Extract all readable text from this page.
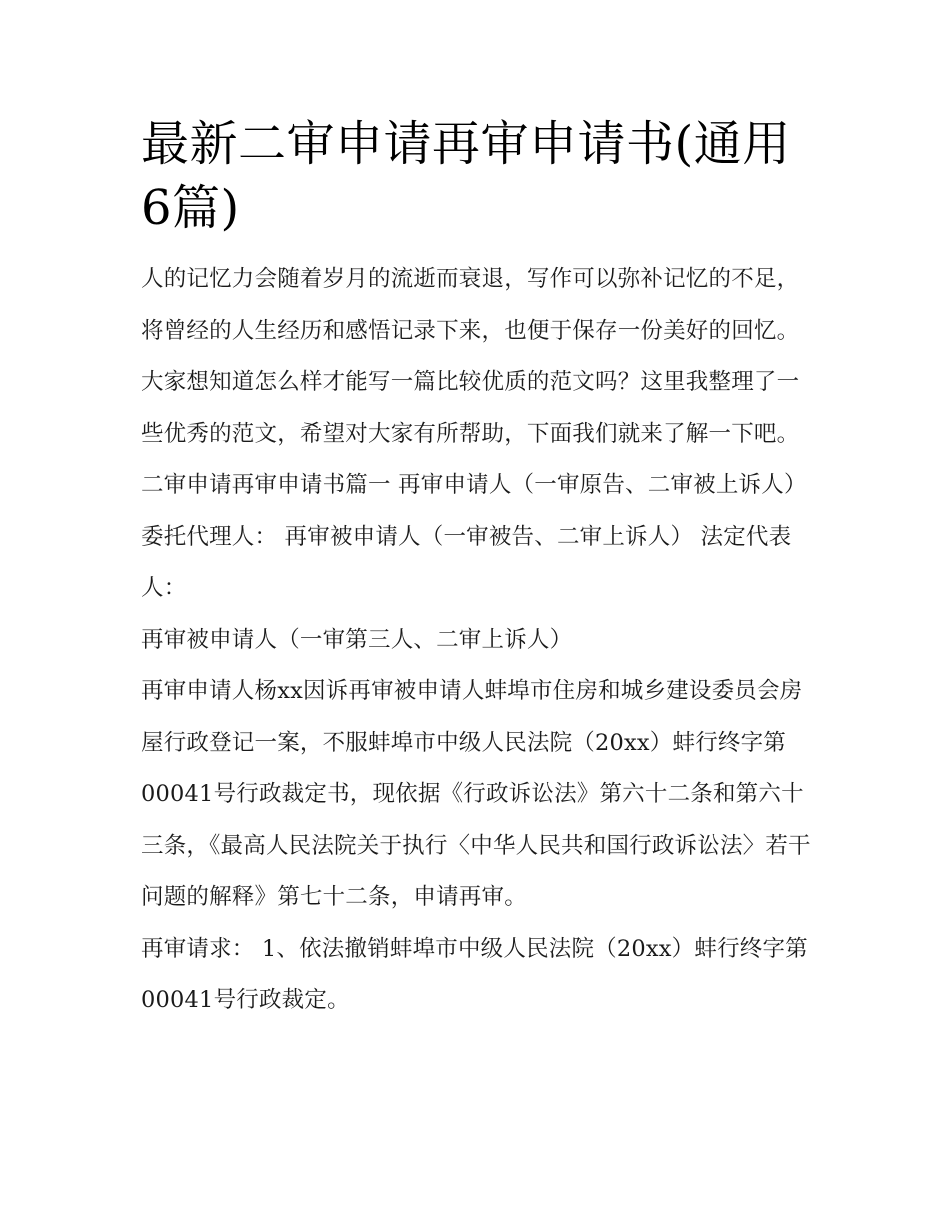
最新二审申请再审申请书(通用6篇)

人的记忆力会随着岁月的流逝而衰退，写作可以弥补记忆的不足，将曾经的人生经历和感悟记录下来，也便于保存一份美好的回忆。大家想知道怎么样才能写一篇比较优质的范文吗？这里我整理了一些优秀的范文，希望对大家有所帮助，下面我们就来了解一下吧。

二审申请再审申请书篇一 再审申请人（一审原告、二审被上诉人） 委托代理人： 再审被申请人（一审被告、二审上诉人） 法定代表人：

再审被申请人（一审第三人、二审上诉人）

再审申请人杨xx因诉再审被申请人蚌埠市住房和城乡建设委员会房屋行政登记一案，不服蚌埠市中级人民法院（20xx）蚌行终字第00041号行政裁定书，现依据《行政诉讼法》第六十二条和第六十三条，《最高人民法院关于执行〈中华人民共和国行政诉讼法〉若干问题的解释》第七十二条，申请再审。

再审请求： 1、依法撤销蚌埠市中级人民法院（20xx）蚌行终字第00041号行政裁定。
